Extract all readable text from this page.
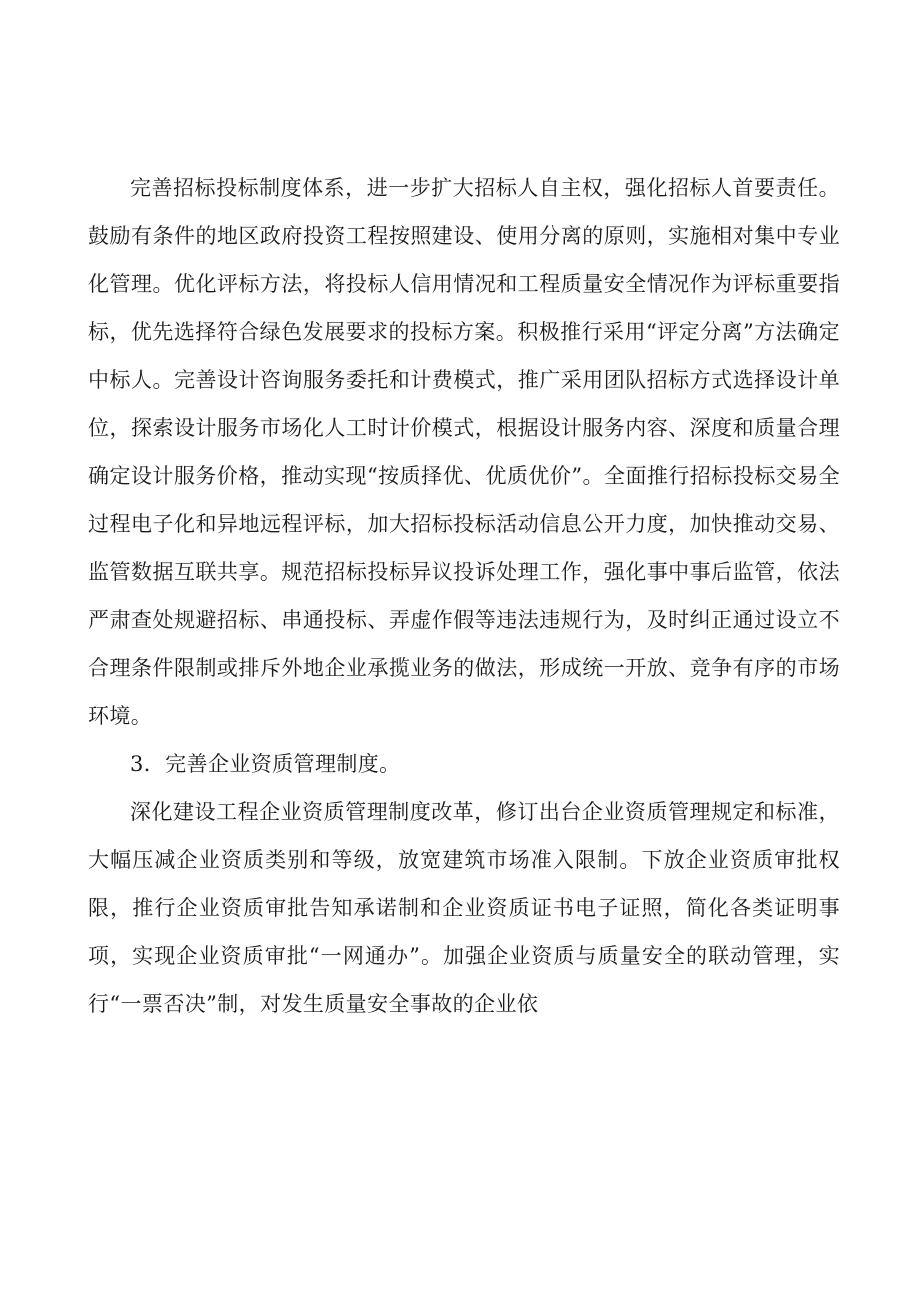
完善招标投标制度体系，进一步扩大招标人自主权，强化招标人首要责任。鼓励有条件的地区政府投资工程按照建设、使用分离的原则，实施相对集中专业化管理。优化评标方法，将投标人信用情况和工程质量安全情况作为评标重要指标，优先选择符合绿色发展要求的投标方案。积极推行采用“评定分离”方法确定中标人。完善设计咨询服务委托和计费模式，推广采用团队招标方式选择设计单位，探索设计服务市场化人工时计价模式，根据设计服务内容、深度和质量合理确定设计服务价格，推动实现“按质择优、优质优价”。全面推行招标投标交易全过程电子化和异地远程评标，加大招标投标活动信息公开力度，加快推动交易、监管数据互联共享。规范招标投标异议投诉处理工作，强化事中事后监管，依法严肃查处规避招标、串通投标、弄虚作假等违法违规行为，及时纠正通过设立不合理条件限制或排斥外地企业承揽业务的做法，形成统一开放、竞争有序的市场环境。

3．完善企业资质管理制度。

深化建设工程企业资质管理制度改革，修订出台企业资质管理规定和标准，大幅压减企业资质类别和等级，放宽建筑市场准入限制。下放企业资质审批权限，推行企业资质审批告知承诺制和企业资质证书电子证照，简化各类证明事项，实现企业资质审批“一网通办”。加强企业资质与质量安全的联动管理，实行“一票否决”制，对发生质量安全事故的企业依
